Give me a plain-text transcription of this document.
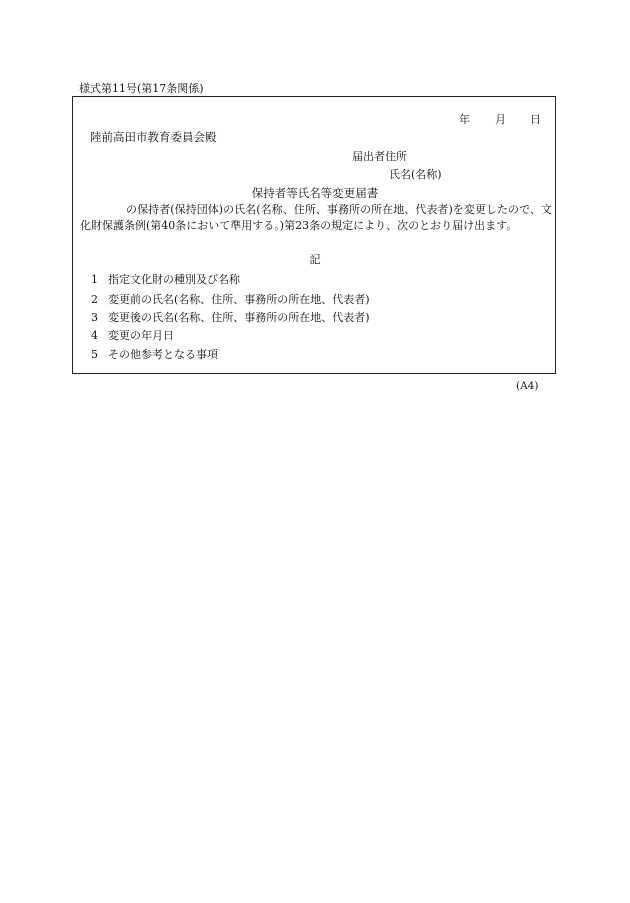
様式第11号(第17条関係)
年 月 日
陸前高田市教育委員会殿
届出者住所
氏名(名称)
保持者等氏名等変更届書
の保持者(保持団体)の氏名(名称、住所、事務所の所在地、代表者)を変更したので、文化財保護条例(第40条において準用する。)第23条の規定により、次のとおり届け出ます。
記
1 指定文化財の種別及び名称
2 変更前の氏名(名称、住所、事務所の所在地、代表者)
3 変更後の氏名(名称、住所、事務所の所在地、代表者)
4 変更の年月日
5 その他参考となる事項
(A4)
